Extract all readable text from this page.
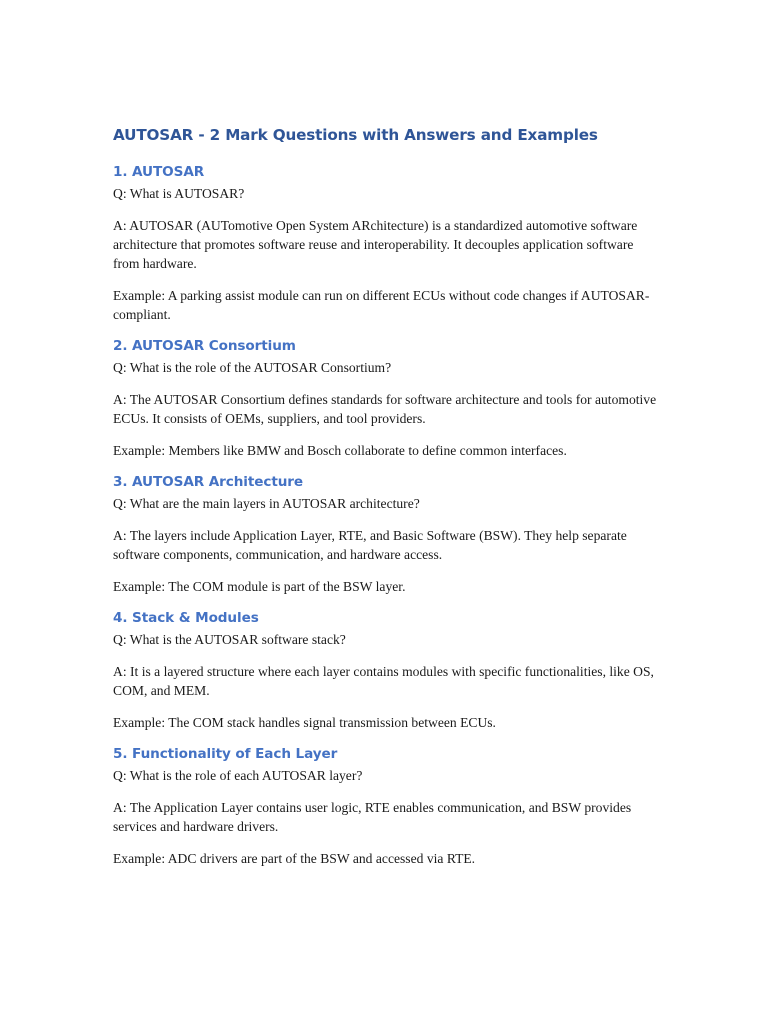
AUTOSAR - 2 Mark Questions with Answers and Examples
1. AUTOSAR

Q: What is AUTOSAR?

A: AUTOSAR (AUTomotive Open System ARchitecture) is a standardized automotive software architecture that promotes software reuse and interoperability. It decouples application software from hardware.

Example: A parking assist module can run on different ECUs without code changes if AUTOSAR-compliant.

2. AUTOSAR Consortium

Q: What is the role of the AUTOSAR Consortium?

A: The AUTOSAR Consortium defines standards for software architecture and tools for automotive ECUs. It consists of OEMs, suppliers, and tool providers.

Example: Members like BMW and Bosch collaborate to define common interfaces.

3. AUTOSAR Architecture

Q: What are the main layers in AUTOSAR architecture?

A: The layers include Application Layer, RTE, and Basic Software (BSW). They help separate software components, communication, and hardware access.

Example: The COM module is part of the BSW layer.

4. Stack & Modules

Q: What is the AUTOSAR software stack?

A: It is a layered structure where each layer contains modules with specific functionalities, like OS, COM, and MEM.

Example: The COM stack handles signal transmission between ECUs.

5. Functionality of Each Layer

Q: What is the role of each AUTOSAR layer?

A: The Application Layer contains user logic, RTE enables communication, and BSW provides services and hardware drivers.

Example: ADC drivers are part of the BSW and accessed via RTE.
